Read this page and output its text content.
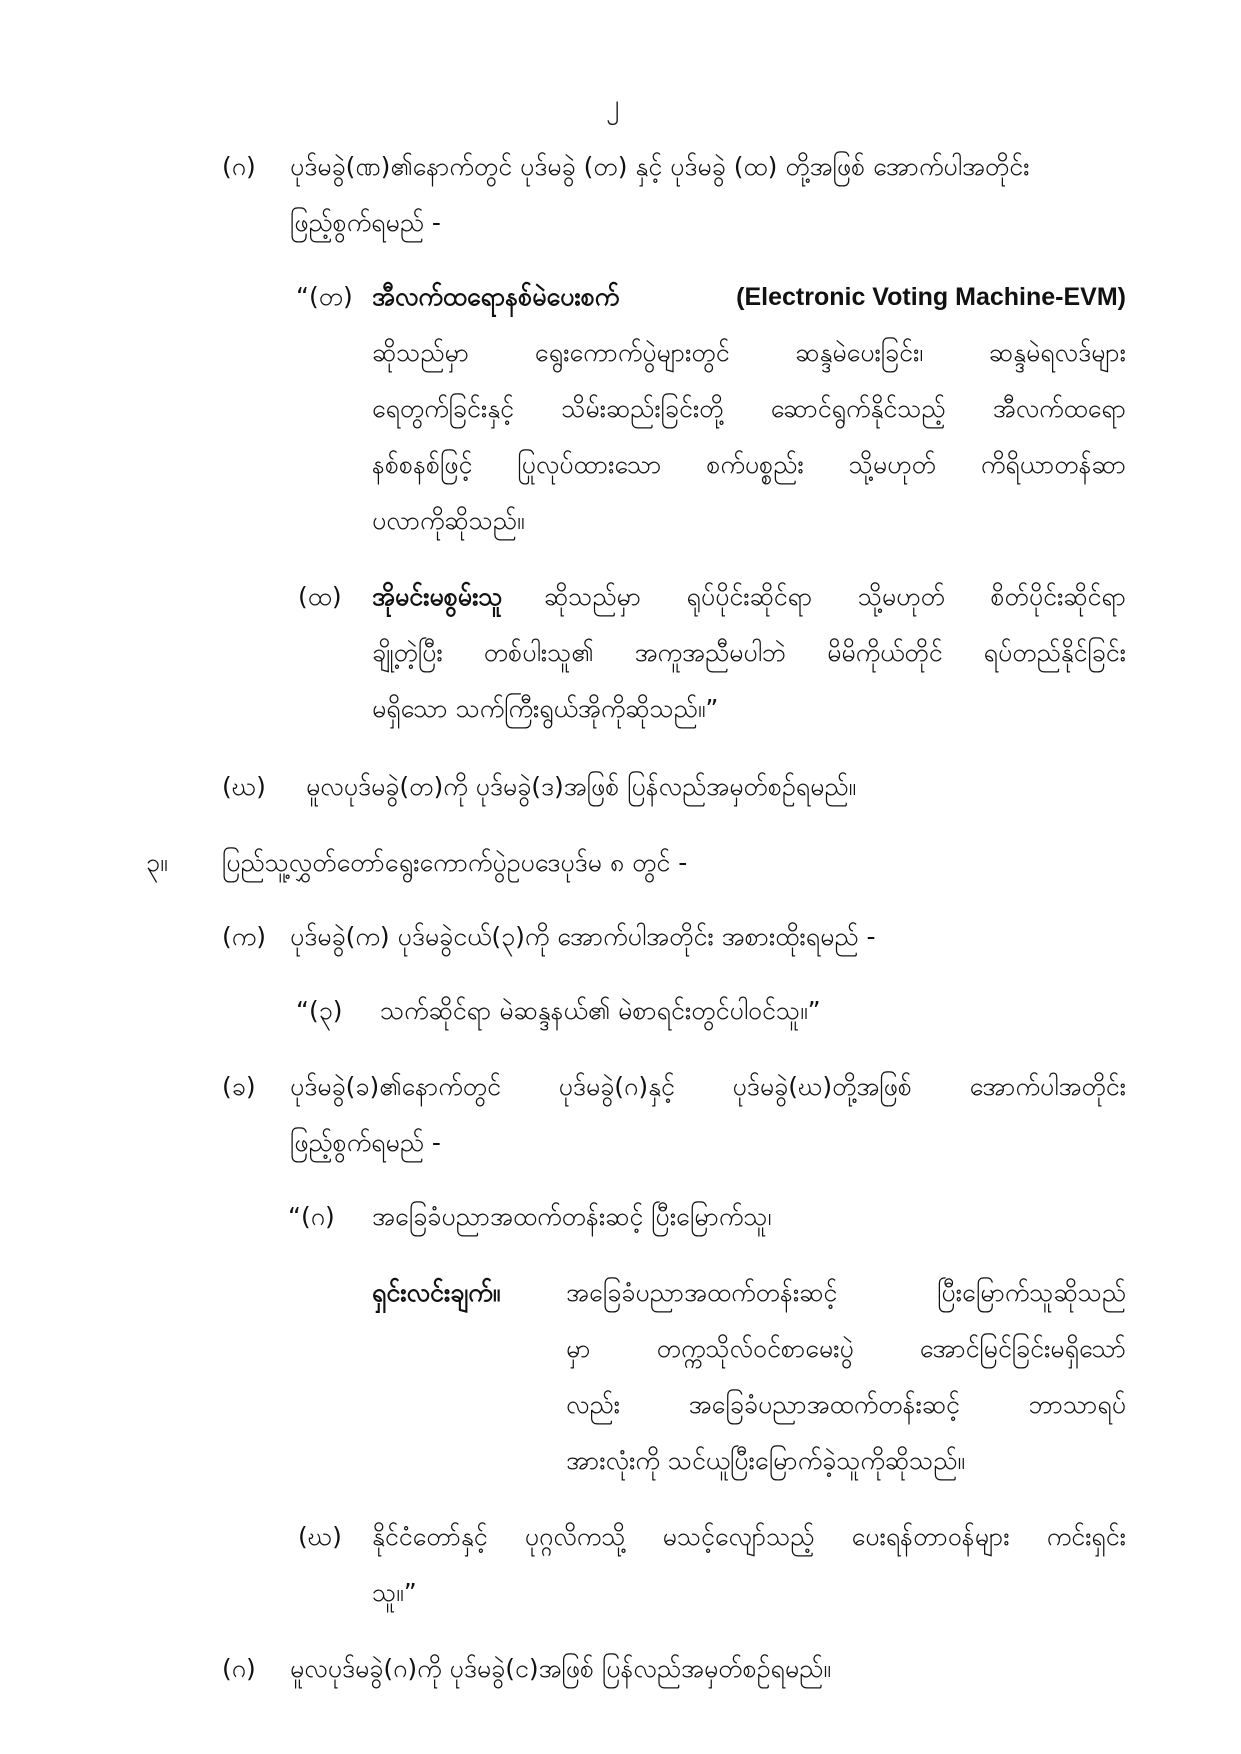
၂
(ဂ) ပုဒ်မခွဲ(ဏ)၏နောက်တွင် ပုဒ်မခွဲ (တ) နှင့် ပုဒ်မခွဲ (ထ) တို့အဖြစ် အောက်ပါအတိုင်း
ဖြည့်စွက်ရမည် -
“(တ) အီလက်ထရောနစ်မဲပေးစက်	(Electronic Voting Machine-EVM)
ဆိုသည်မှာ ရွေးကောက်ပွဲများတွင် ဆန္ဒမဲပေးခြင်း၊ ဆန္ဒမဲရလဒ်များ
ရေတွက်ခြင်းနှင့် သိမ်းဆည်းခြင်းတို့ ဆောင်ရွက်နိုင်သည့် အီလက်ထရော
နစ်စနစ်ဖြင့် ပြုလုပ်ထားသော စက်ပစ္စည်း သို့မဟုတ် ကိရိယာတန်ဆာ
ပလာကိုဆိုသည်။
(ထ) အိုမင်းမစွမ်းသူ ဆိုသည်မှာ ရုပ်ပိုင်းဆိုင်ရာ သို့မဟုတ် စိတ်ပိုင်းဆိုင်ရာ
ချို့တဲ့ပြီး တစ်ပါးသူ၏ အကူအညီမပါဘဲ မိမိကိုယ်တိုင် ရပ်တည်နိုင်ခြင်း
မရှိသော သက်ကြီးရွယ်အိုကိုဆိုသည်။”
(ဃ) မူလပုဒ်မခွဲ(တ)ကို ပုဒ်မခွဲ(ဒ)အဖြစ် ပြန်လည်အမှတ်စဉ်ရမည်။
၃။ ပြည်သူ့လွှတ်တော်ရွေးကောက်ပွဲဥပဒေပုဒ်မ ၈ တွင် -
(က) ပုဒ်မခွဲ(က) ပုဒ်မခွဲငယ်(၃)ကို အောက်ပါအတိုင်း အစားထိုးရမည် -
“(၃) သက်ဆိုင်ရာ မဲဆန္ဒနယ်၏ မဲစာရင်းတွင်ပါဝင်သူ။”
(ခ) ပုဒ်မခွဲ(ခ)၏နောက်တွင် ပုဒ်မခွဲ(ဂ)နှင့် ပုဒ်မခွဲ(ဃ)တို့အဖြစ် အောက်ပါအတိုင်း
ဖြည့်စွက်ရမည် -
“(ဂ) အခြေခံပညာအထက်တန်းဆင့် ပြီးမြောက်သူ၊
ရှင်းလင်းချက်။	အခြေခံပညာအထက်တန်းဆင့် ပြီးမြောက်သူဆိုသည်
မှာ တက္ကသိုလ်ဝင်စာမေးပွဲ အောင်မြင်ခြင်းမရှိသော်
လည်း အခြေခံပညာအထက်တန်းဆင့် ဘာသာရပ်
အားလုံးကို သင်ယူပြီးမြောက်ခဲ့သူကိုဆိုသည်။
(ဃ) နိုင်ငံတော်နှင့် ပုဂ္ဂလိကသို့ မသင့်လျော်သည့် ပေးရန်တာဝန်များ ကင်းရှင်း
သူ။”
(ဂ) မူလပုဒ်မခွဲ(ဂ)ကို ပုဒ်မခွဲ(င)အဖြစ် ပြန်လည်အမှတ်စဉ်ရမည်။
